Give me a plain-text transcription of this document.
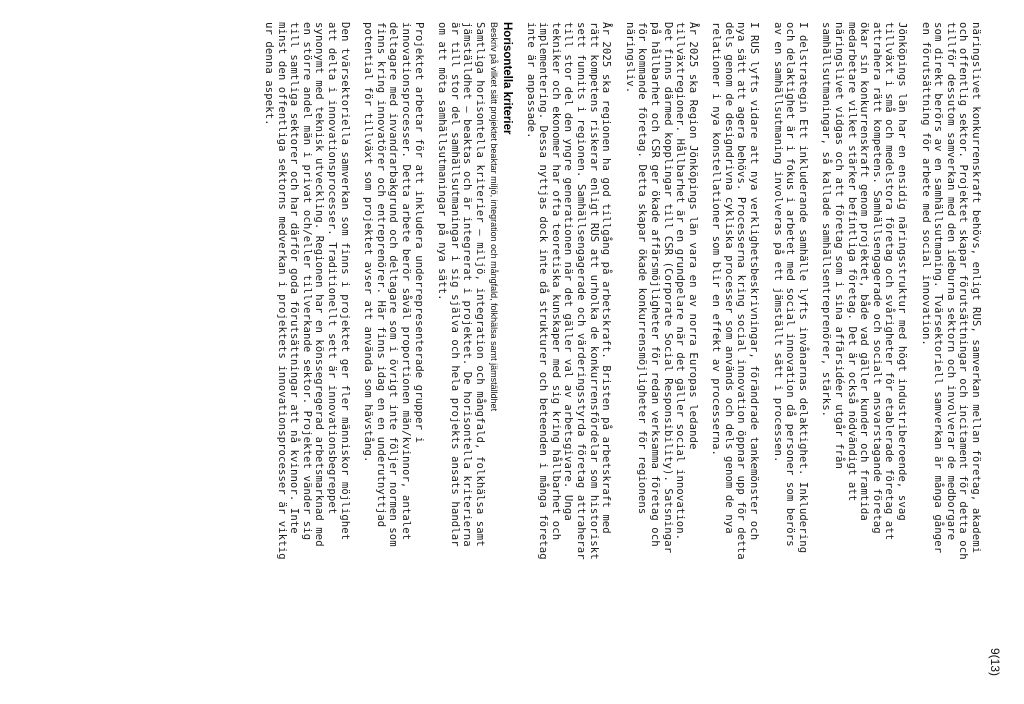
9(13)

näringslivet konkurrenskraft behövs, enligt RUS, samverkan mellan företag, akademi
och offentlig sektor. Projektet skapar förutsättningar och incitament för detta och
tillför dessutom samverkan med den ideburna sektorn och involverar de medborgare
som direkt berörs av en samhällsutmaning. Tvärsektoriell samverkan är många gånger
en förutsättning för arbete med social innovation.

Jönköpings län har en ensidig näringsstruktur med högt industriberoende, svag
tillväxt i små och medelstora företag och svårigheter för etablerade företag att
attrahera rätt kompetens. Samhällsengagerade och socialt ansvarstagande företag
ökar sin konkurrenskraft genom projektet, både vad gäller kunder och framtida
medarbetare vilket stärker befintliga företag. Det är också nödvändigt att
näringslivet vidgas och att företag som i sina affärsidéer utgår från
samhällsutmaningar, så kallade samhällsentreprenörer, stärks.

I delstrategin Ett inkluderande samhälle lyfts invånarnas delaktighet. Inkludering
och delaktighet är i fokus i arbetet med social innovation då personer som berörs
av en samhällsutmaning involveras på ett jämställt sätt i processen.

I RUS lyfts vidare att nya verklighetsbeskrivningar, förändrade tankemönster och
nya sätt att agera behövs. Processerna kring social innovation öppnar upp för detta
dels genom de designdrivna cykliska processer som används och dels genom de nya
relationer i nya konstellationer som blir en effekt av processerna.

År 2025 ska Region Jönköpings län vara en av norra Europas ledande
tillväxtregioner. Hållbarhet är en grundpelare när det gäller social innovation.
Det finns därmed kopplingar till CSR (Corporate Social Responsibility). Satsningar
på hållbarhet och CSR ger ökade affärsmöjligheter för redan verksamma företag och
för kommande företag. Detta skapar ökade konkurrensmöjligheter för regionens
näringsliv.

År 2025 ska regionen ha god tillgång på arbetskraft. Bristen på arbetskraft med
rätt kompetens riskerar enligt RUS att urholka de konkurrensfördelar som historiskt
sett funnits i regionen. Samhällsengagerade och värderingsstyrda företag attraherar
till stor del den yngre generationen när det gäller val av arbetsgivare. Unga
tekniker och ekonomer har ofta teoretiska kunskaper med sig kring hållbarhet och
implementering. Dessa nyttjas dock inte då strukturer och beteenden i många företag
inte är anpassade.

Horisontella kriterier
Beskriv på vilket sätt projektet beaktar miljö, integration och mångfald, folkhälsa samt jämställdhet

Samtliga horisontella kriterier – miljö, integration och mångfald, folkhälsa samt
jämställdhet – beaktas och är integrerat i projektet. De horisontella kriterierna
är till stor del samhällsutmaningar i sig själva och hela projekts ansats handlar
om att möta samhällsutmaningar på nya sätt.

Projektet arbetar för att inkludera underrepresenterade grupper i
innovationsprocesser. Detta arbete berör såväl proportionen män/kvinnor, antalet
deltagare med invandrarbakgrund och deltagare som i övrigt inte följer normen som
finns kring innovatörer och entreprenörer. Här finns idag en en underutnyttjad
potential för tillväxt som projektet avser att använda som hävstång.

Den tvärsektoriella samverkan som finns i projektet ger fler människor möjlighet
att delta i innovationsprocesser. Traditionellt sett är innovationsbegreppet
synonymt med teknisk utveckling. Regionen har en könssegregerad arbetsmarknad med
en större andel män i privat och/eller tillverkande sektor. Projektet vänder sig
till samtliga sektorer och har därför goda förutsättningar att nå kvinnor. Inte
minst den offentliga sektorns medverkan i projektets innovationsprocesser är viktig
ur denna aspekt.
